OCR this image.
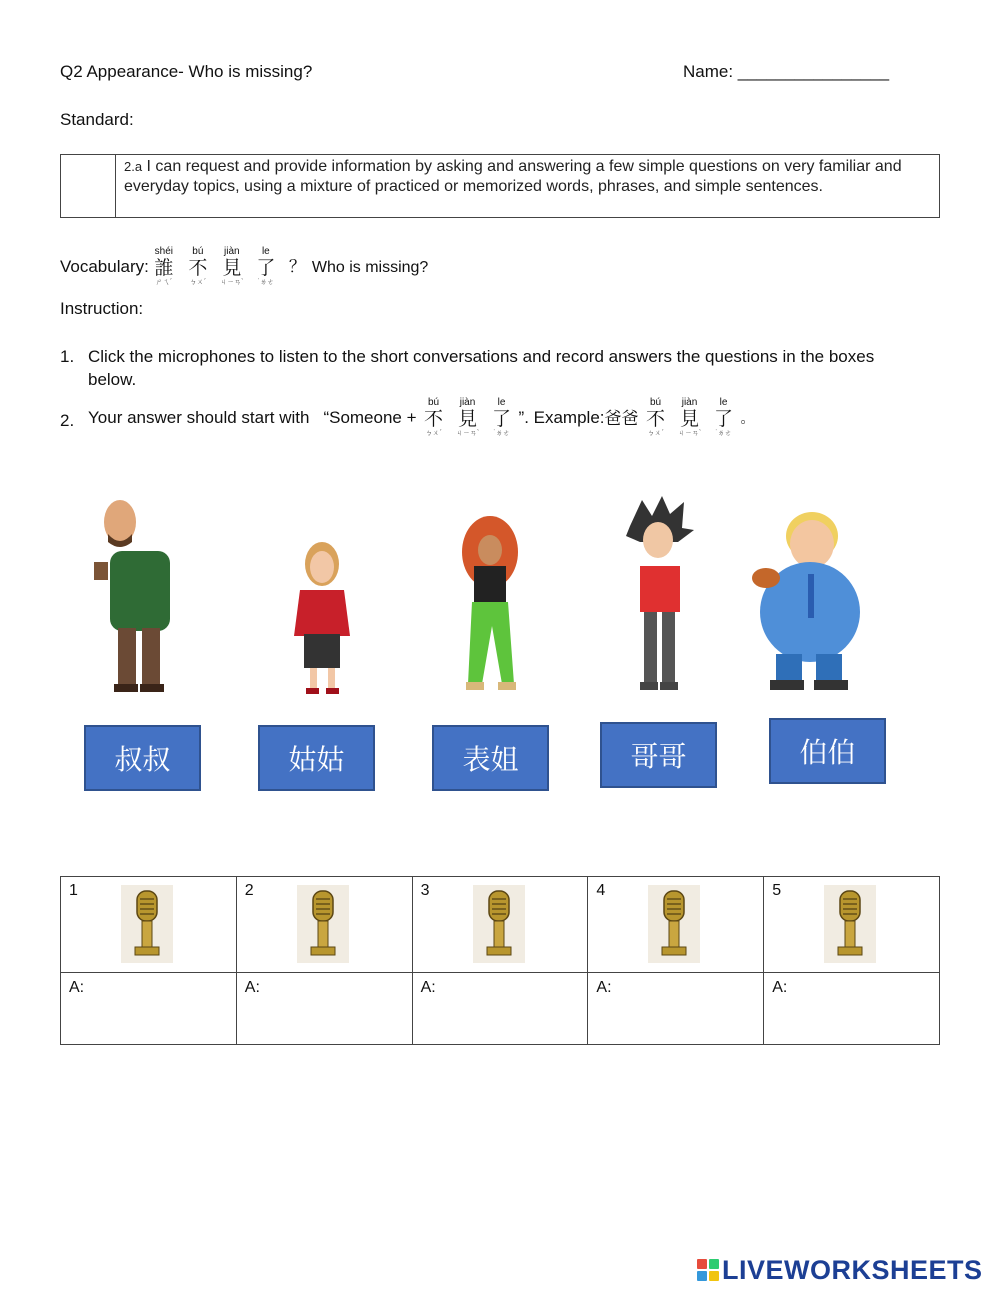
Q2 Appearance- Who is missing?	Name: ________________
Standard:
2.a I can request and provide information by asking and answering a few simple questions on very familiar and everyday topics, using a mixture of practiced or memorized words, phrases, and simple sentences.
Vocabulary:
shéi
誰
ㄕㄟˊ
bú
不
ㄅㄨˊ
jiàn
見
ㄐㄧㄢˋ
le
了
˙ㄌㄜ
？ Who is missing?
Instruction:
1. Click the microphones to listen to the short conversations and record answers the questions in the boxes
below.
2. Your answer should start with “Someone +
bú
不
ㄅㄨˊ
jiàn
見
ㄐㄧㄢˋ
le
了
˙ㄌㄜ
”. Example: 爸爸
bú
不
ㄅㄨˊ
jiàn
見
ㄐㄧㄢˋ
le
了
˙ㄌㄜ
。
叔叔	姑姑	表姐	哥哥	伯伯
1	2	3	4	5

A:	A:	A:	A:	A:
LIVEWORKSHEETS
